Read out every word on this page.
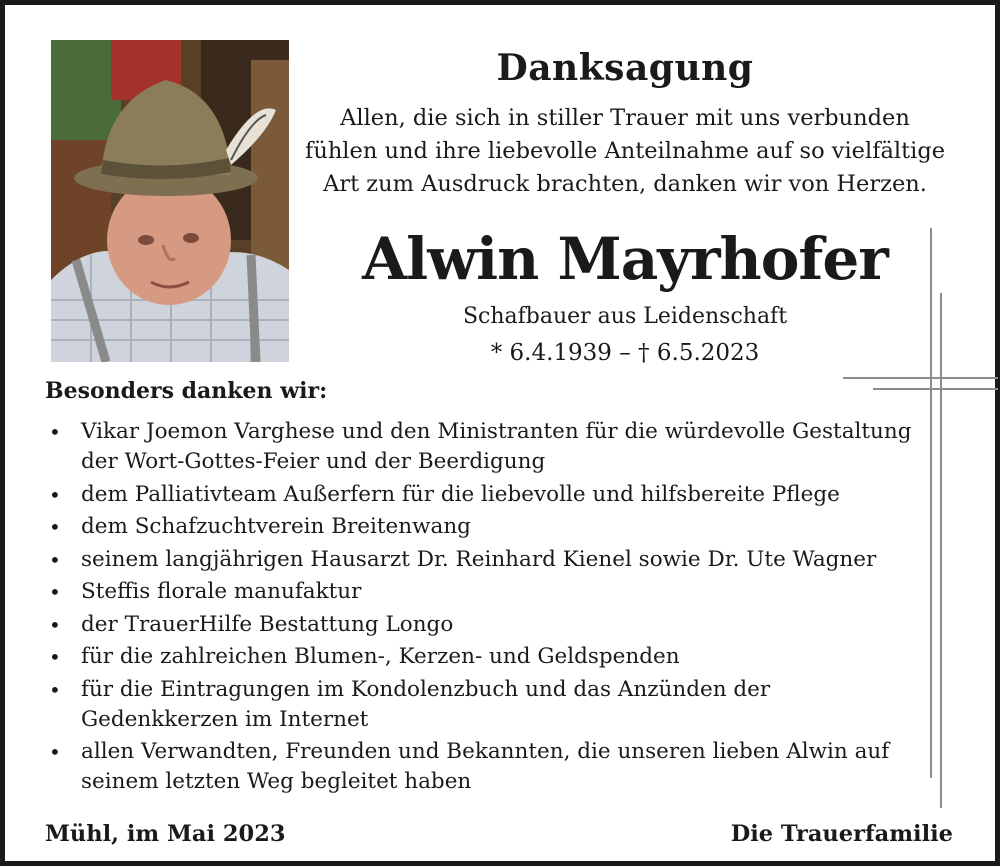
Danksagung
Allen, die sich in stiller Trauer mit uns verbunden
fühlen und ihre liebevolle Anteilnahme auf so vielfältige
Art zum Ausdruck brachten, danken wir von Herzen.
Alwin Mayrhofer
Schafbauer aus Leidenschaft
* 6.4.1939 – † 6.5.2023
Besonders danken wir:
• Vikar Joemon Varghese und den Ministranten für die würdevolle Gestaltung der Wort-Gottes-Feier und der Beerdigung
• dem Palliativteam Außerfern für die liebevolle und hilfsbereite Pflege
• dem Schafzuchtverein Breitenwang
• seinem langjährigen Hausarzt Dr. Reinhard Kienel sowie Dr. Ute Wagner
• Steffis florale manufaktur
• der TrauerHilfe Bestattung Longo
• für die zahlreichen Blumen-, Kerzen- und Geldspenden
• für die Eintragungen im Kondolenzbuch und das Anzünden der Gedenkkerzen im Internet
• allen Verwandten, Freunden und Bekannten, die unseren lieben Alwin auf seinem letzten Weg begleitet haben
Mühl, im Mai 2023	Die Trauerfamilie
